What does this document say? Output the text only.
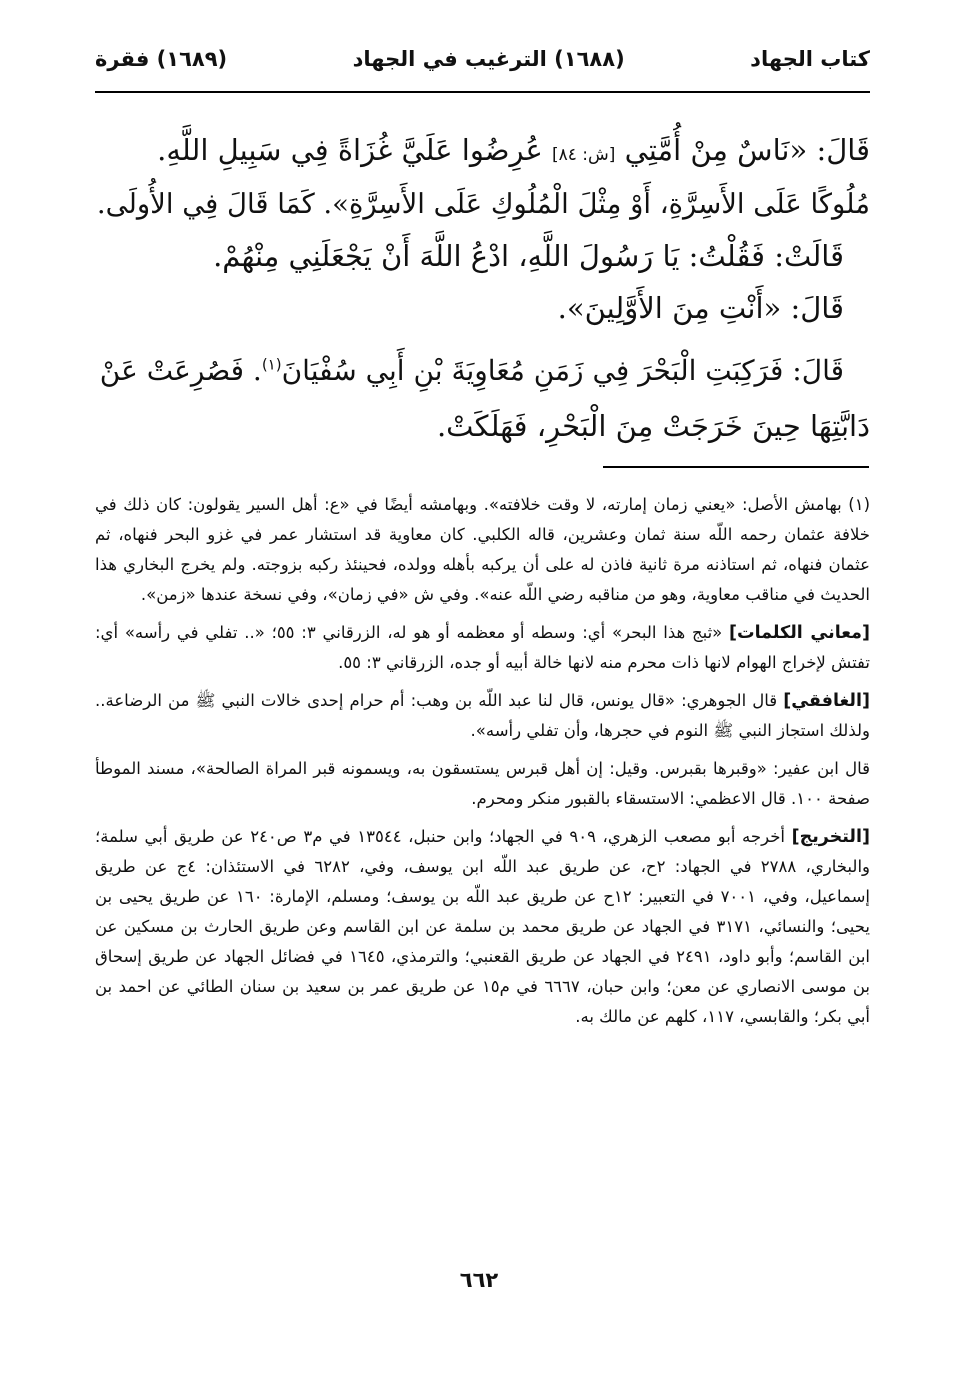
كتاب الجهاد
(١٦٨٨) الترغيب في الجهاد
(١٦٨٩) فقرة
قَالَ: «نَاسٌ مِنْ أُمَّتِي [ش: ٨٤] عُرِضُوا عَلَيَّ غُزَاةً فِي سَبِيلِ اللَّهِ.
مُلُوكًا عَلَى الأَسِرَّةِ، أَوْ مِثْلَ الْمُلُوكِ عَلَى الأَسِرَّةِ». كَمَا قَالَ فِي الأُولَى.
قَالَتْ: فَقُلْتُ: يَا رَسُولَ اللَّهِ، ادْعُ اللَّهَ أَنْ يَجْعَلَنِي مِنْهُمْ.
قَالَ: «أَنْتِ مِنَ الأَوَّلِينَ».
قَالَ: فَرَكِبَتِ الْبَحْرَ فِي زَمَنِ مُعَاوِيَةَ بْنِ أَبِي سُفْيَانَ$^{(١)}$. فَصُرِعَتْ عَنْ
دَابَّتِهَا حِينَ خَرَجَتْ مِنَ الْبَحْرِ، فَهَلَكَتْ.

(١) بهامش الأصل: «يعني زمان إمارته، لا وقت خلافته». وبهامشه أيضًا في «ع: أهل السير يقولون: كان ذلك في خلافة عثمان رحمه اللّه سنة ثمان وعشرين، قاله الكلبي. كان معاوية قد استشار عمر في غزو البحر فنهاه، ثم عثمان فنهاه، ثم استاذنه مرة ثانية فاذن له على أن يركبه بأهله وولده، فحينئذ ركبه بزوجته. ولم يخرج البخاري هذا الحديث في مناقب معاوية، وهو من مناقبه رضي اللّه عنه». وفي ش «في زمان»، وفي نسخة عندها «زمن».

[معاني الكلمات] «ثبج هذا البحر» أي: وسطه أو معظمه أو هو له، الزرقاني ٣: ٥٥؛ «.. تفلي في رأسه» أي: تفتش لإخراج الهوام لانها ذات محرم منه لانها خالة أبيه أو جده، الزرقاني ٣: ٥٥.

[الغافقي] قال الجوهري: «قال يونس، قال لنا عبد اللّه بن وهب: أم حرام إحدى خالات النبي ﷺ من الرضاعة.. ولذلك استجاز النبي ﷺ النوم في حجرها، وأن تفلي رأسه».

قال ابن عفير: «وقبرها بقبرس. وقيل: إن أهل قبرس يستسقون به، ويسمونه قبر المراة الصالحة»، مسند الموطأ صفحة ١٠٠. قال الاعظمي: الاستسقاء بالقبور منكر ومحرم.

[التخريج] أخرجه أبو مصعب الزهري، ٩٠٩ في الجهاد؛ وابن حنبل، ١٣٥٤٤ في م٣ ص٢٤٠ عن طريق أبي سلمة؛ والبخاري، ٢٧٨٨ في الجهاد: ٢ح، عن طريق عبد اللّه ابن يوسف، وفي، ٦٢٨٢ في الاستئذان: ٤ج عن طريق إسماعيل، وفي، ٧٠٠١ في التعبير: ١٢ح عن طريق عبد اللّه بن يوسف؛ ومسلم، الإمارة: ١٦٠ عن طريق يحيى بن يحيى؛ والنسائي، ٣١٧١ في الجهاد عن طريق محمد بن سلمة عن ابن القاسم وعن طريق الحارث بن مسكين عن ابن القاسم؛ وأبو داود، ٢٤٩١ في الجهاد عن طريق القعنبي؛ والترمذي، ١٦٤٥ في فضائل الجهاد عن طريق إسحاق بن موسى الانصاري عن معن؛ وابن حبان، ٦٦٦٧ في م١٥ عن طريق عمر بن سعيد بن سنان الطائي عن احمد بن أبي بكر؛ والقابسي، ١١٧، كلهم عن مالك به.

٦٦٢
